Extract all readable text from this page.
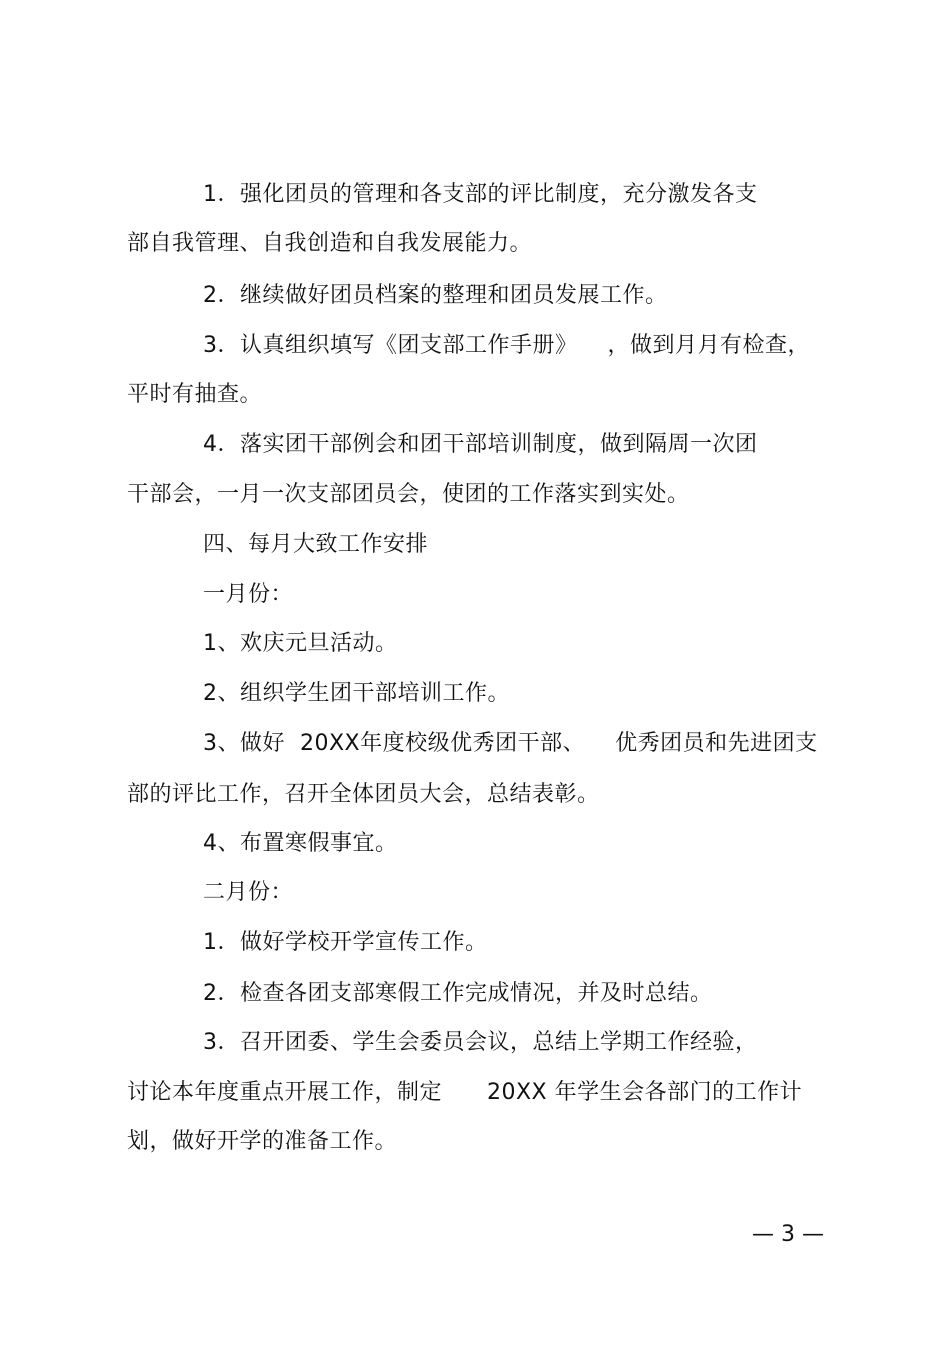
1．强化团员的管理和各支部的评比制度，充分激发各支
部自我管理、自我创造和自我发展能力。
2．继续做好团员档案的整理和团员发展工作。
3．认真组织填写《团支部工作手册》    ，做到月月有检查，
平时有抽查。
4．落实团干部例会和团干部培训制度，做到隔周一次团
干部会，一月一次支部团员会，使团的工作落实到实处。
四、每月大致工作安排
一月份：
1、欢庆元旦活动。
2、组织学生团干部培训工作。
3、做好  20XX年度校级优秀团干部、    优秀团员和先进团支
部的评比工作，召开全体团员大会，总结表彰。
4、布置寒假事宜。
二月份：
1．做好学校开学宣传工作。
2．检查各团支部寒假工作完成情况，并及时总结。
3．召开团委、学生会委员会议，总结上学期工作经验，
讨论本年度重点开展工作，制定      20XX 年学生会各部门的工作计
划，做好开学的准备工作。
— 3 —
